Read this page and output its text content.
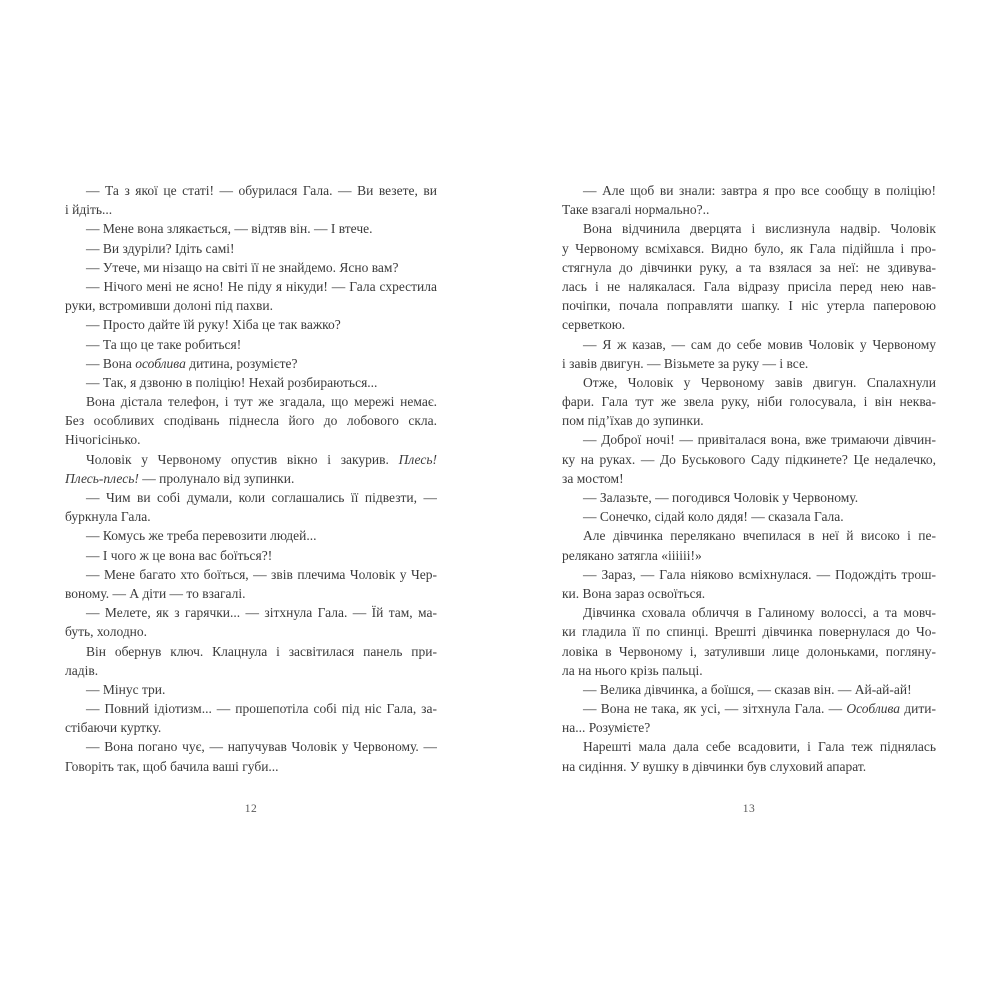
— Та з якої це статі! — обурилася Гала. — Ви везете, ви
і йдіть...
— Мене вона злякається, — відтяв він. — І втече.
— Ви здуріли? Ідіть самі!
— Утече, ми нізащо на світі її не знайдемо. Ясно вам?
— Нічого мені не ясно! Не піду я нікуди! — Гала схрестила
руки, встромивши долоні під пахви.
— Просто дайте їй руку! Хіба це так важко?
— Та що це таке робиться!
— Вона особлива дитина, розумієте?
— Так, я дзвоню в поліцію! Нехай розбираються...
Вона дістала телефон, і тут же згадала, що мережі немає.
Без особливих сподівань піднесла його до лобового скла.
Нічогісінько.
Чоловік у Червоному опустив вікно і закурив. Плесь!
Плесь-плесь! — пролунало від зупинки.
— Чим ви собі думали, коли соглашались її підвезти, —
буркнула Гала.
— Комусь же треба перевозити людей...
— І чого ж це вона вас боїться?!
— Мене багато хто боїться, — звів плечима Чоловік у Чер-
воному. — А діти — то взагалі.
— Мелете, як з гарячки... — зітхнула Гала. — Їй там, ма-
буть, холодно.
Він обернув ключ. Клацнула і засвітилася панель при-
ладів.
— Мінус три.
— Повний ідіотизм... — прошепотіла собі під ніс Гала, за-
стібаючи куртку.
— Вона погано чує, — напучував Чоловік у Червоному. —
Говоріть так, щоб бачила ваші губи...
12
— Але щоб ви знали: завтра я про все сообщу в поліцію!
Таке взагалі нормально?..
Вона відчинила дверцята і вислизнула надвір. Чоловік
у Червоному всміхався. Видно було, як Гала підійшла і про-
стягнула до дівчинки руку, а та взялася за неї: не здивува-
лась і не налякалася. Гала відразу присіла перед нею нав-
почіпки, почала поправляти шапку. І ніс утерла паперовою
серветкою.
— Я ж казав, — сам до себе мовив Чоловік у Червоному
і завів двигун. — Візьмете за руку — і все.
Отже, Чоловік у Червоному завів двигун. Спалахнули
фари. Гала тут же звела руку, ніби голосувала, і він неква-
пом під’їхав до зупинки.
— Доброї ночі! — привіталася вона, вже тримаючи дівчин-
ку на руках. — До Буськового Саду підкинете? Це недалечко,
за мостом!
— Залазьте, — погодився Чоловік у Червоному.
— Сонечко, сідай коло дядя! — сказала Гала.
Але дівчинка перелякано вчепилася в неї й високо і пе-
релякано затягла «іііііі!»
— Зараз, — Гала ніяково всміхнулася. — Подождіть трош-
ки. Вона зараз освоїться.
Дівчинка сховала обличчя в Галиному волоссі, а та мовч-
ки гладила її по спинці. Врешті дівчинка повернулася до Чо-
ловіка в Червоному і, затуливши лице долоньками, погляну-
ла на нього крізь пальці.
— Велика дівчинка, а боїшся, — сказав він. — Ай-ай-ай!
— Вона не така, як усі, — зітхнула Гала. — Особлива дити-
на... Розумієте?
Нарешті мала дала себе всадовити, і Гала теж піднялась
на сидіння. У вушку в дівчинки був слуховий апарат.
13
